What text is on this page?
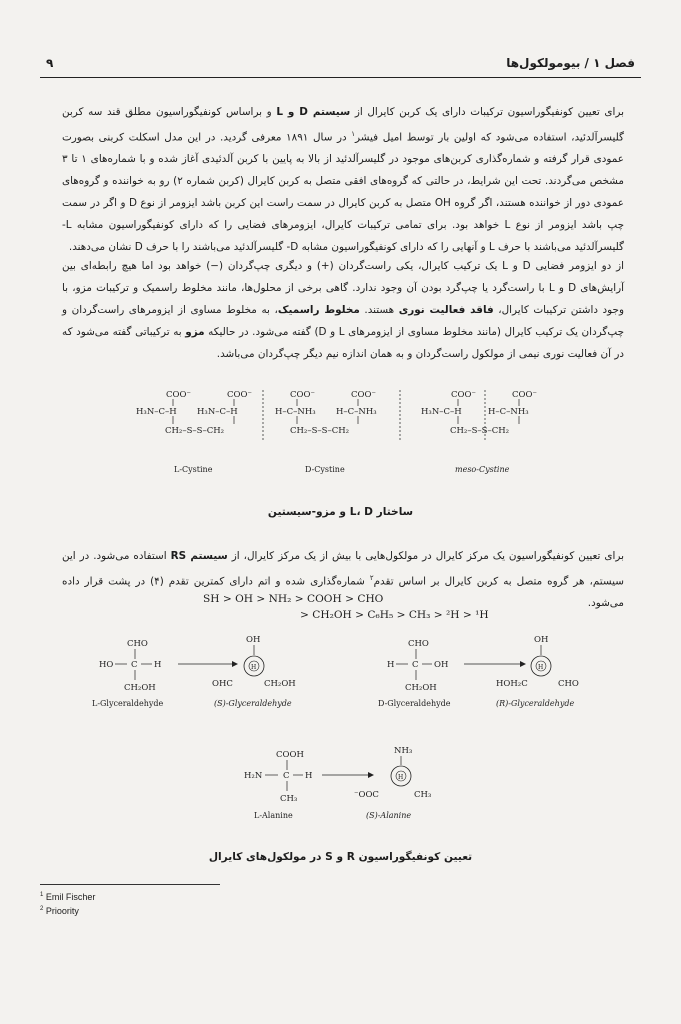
۹	فصل ۱ / بیومولکول‌ها
برای تعیین کونفیگوراسیون ترکیبات دارای یک کربن کایرال از سیستم D و L و براساس کونفیگوراسیون مطلق قند سه کربن گلیسرآلدئید، استفاده می‌شود که اولین بار توسط امیل فیشر$^۱$ در سال ۱۸۹۱ معرفی گردید. در این مدل اسکلت کربنی بصورت عمودی قرار گرفته و شماره‌گذاری کربن‌های موجود در گلیسرآلدئید از بالا به پایین با کربن آلدئیدی آغاز شده و با شماره‌های ۱ تا ۳ مشخص می‌گردند. تحت این شرایط، در حالتی که گروه‌های افقی متصل به کربن کایرال (کربن شماره ۲) رو به خواننده و گروه‌های عمودی دور از خواننده هستند، اگر گروه OH متصل به کربن کایرال در سمت راست این کربن باشد ایزومر از نوع D و اگر در سمت چپ باشد ایزومر از نوع L خواهد بود. برای تمامی ترکیبات کایرال، ایزومرهای فضایی را که دارای کونفیگوراسیون مشابه L- گلیسرآلدئید می‌باشند با حرف L و آنهایی را که دارای کونفیگوراسیون مشابه D- گلیسرآلدئید می‌باشند را با حرف D نشان می‌دهند.
از دو ایزومر فضایی D و L یک ترکیب کایرال، یکی راست‌گردان (+) و دیگری چپ‌گردان (−) خواهد بود اما هیچ رابطه‌ای بین آرایش‌های D و L با راست‌گرد یا چپ‌گرد بودن آن وجود ندارد. گاهی برخی از محلول‌ها، مانند مخلوط راسمیک و ترکیبات مزو، با وجود داشتن ترکیبات کایرال، فاقد فعالیت نوری هستند. مخلوط راسمیک، به مخلوط مساوی از ایزومرهای راست‌گردان و چپ‌گردان یک ترکیب کایرال (مانند مخلوط مساوی از ایزومرهای L و D) گفته می‌شود. در حالیکه مزو به ترکیباتی گفته می‌شود که در آن فعالیت نوری نیمی از مولکول راست‌گردان و به همان اندازه نیم دیگر چپ‌گردان می‌باشد.
COO⁻	COO⁻
H₃N–C–H H₃N–C–H
CH₂–S–S–CH₂
L-Cystine
COO⁻	COO⁻
H–C–NH₃ H–C–NH₃
CH₂–S–S–CH₂
D-Cystine
COO⁻	COO⁻
H₃N–C–H	H–C–NH₃
CH₂–S–S–CH₂
meso-Cystine
ساختار L، D و مزو-سیستین
برای تعیین کونفیگوراسیون یک مرکز کایرال در مولکول‌هایی با بیش از یک مرکز کایرال، از سیستم RS استفاده می‌شود. در این سیستم، هر گروه متصل به کربن کایرال بر اساس تقدم$^۲$ شماره‌گذاری شده و اتم دارای کمترین تقدم (۴) در پشت قرار داده می‌شود.
SH > OH > NH₂ > COOH > CHO
> CH₂OH > C₆H₅ > CH₃ > ²H > ¹H
CHO
HO C H
CH₂OH
L-Glyceraldehyde
OH
H
OHC	CH₂OH
(S)-Glyceraldehyde
CHO
H C OH
CH₂OH
D-Glyceraldehyde
OH
H
HOH₂C	CHO
(R)-Glyceraldehyde
COOH
H₂N C H
CH₃
L-Alanine
NH₃
H
⁻OOC	CH₃
(S)-Alanine
تعیین کونفیگوراسیون R و S در مولکول‌های کایرال
$^1$ Emil Fischer
$^2$ Prioority
